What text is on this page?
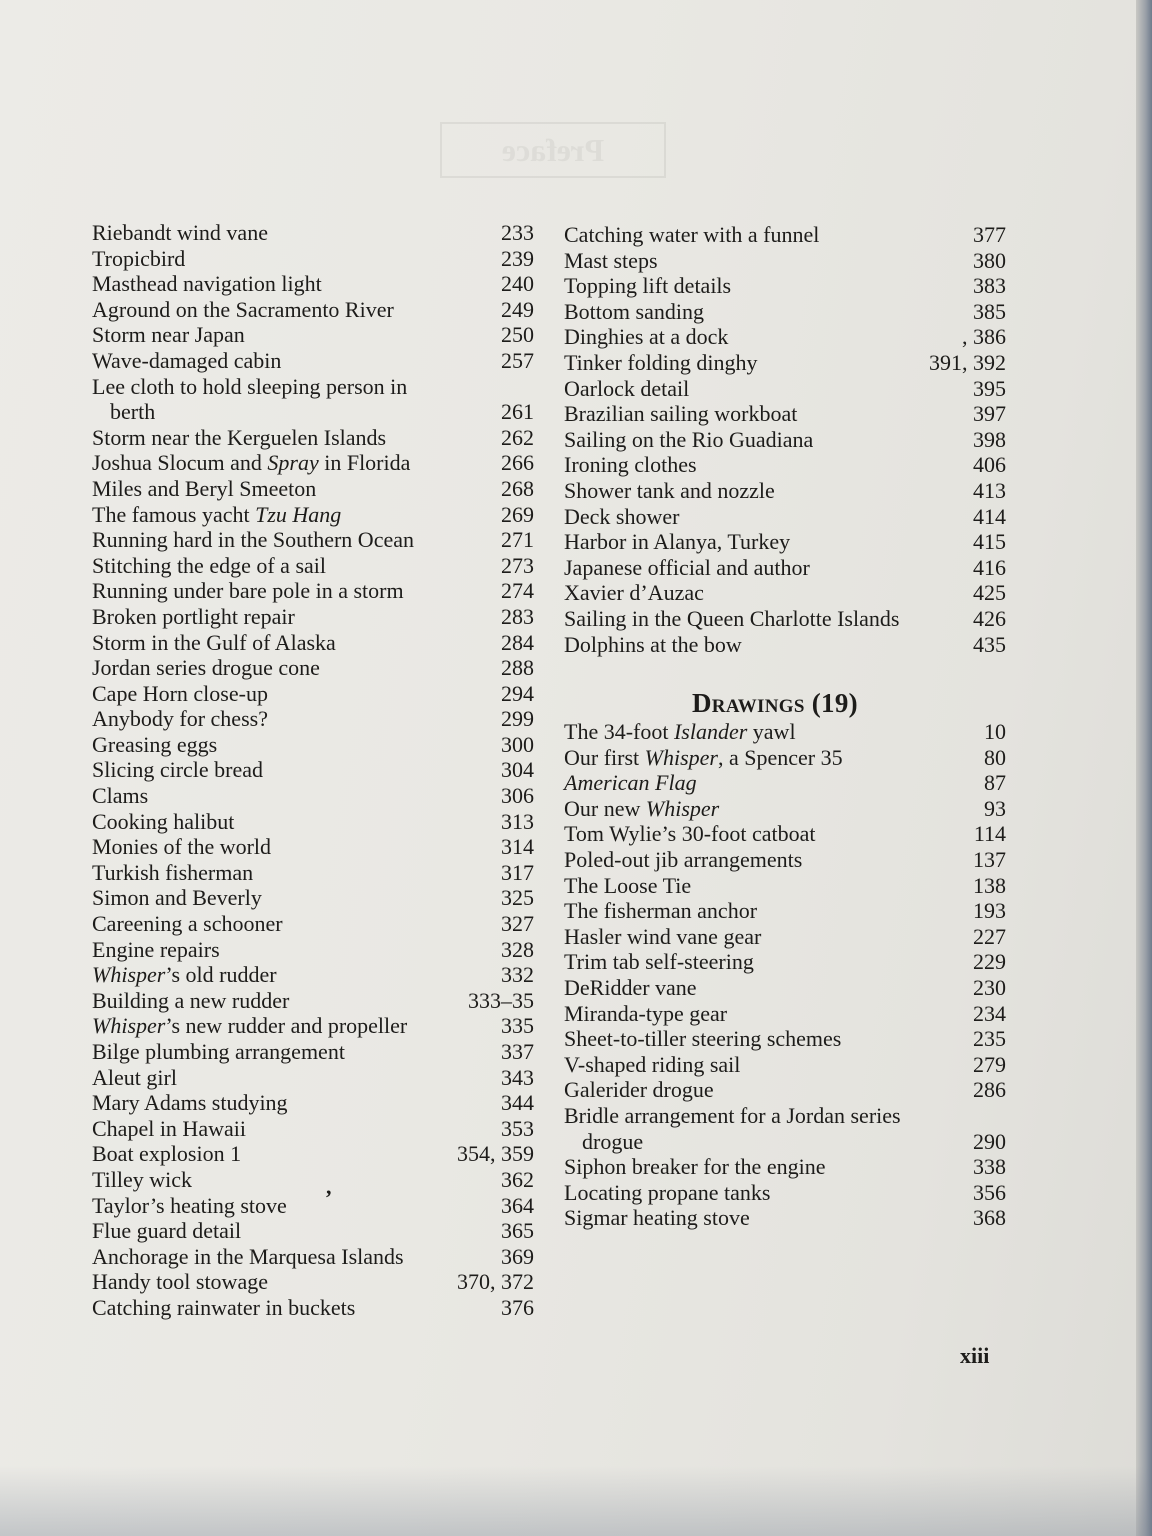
Preface
Riebandt wind vane	233
Tropicbird	239
Masthead navigation light	240
Aground on the Sacramento River	249
Storm near Japan	250
Wave-damaged cabin	257
Lee cloth to hold sleeping person in
berth	261
Storm near the Kerguelen Islands	262
Joshua Slocum and Spray in Florida	266
Miles and Beryl Smeeton	268
The famous yacht Tzu Hang	269
Running hard in the Southern Ocean	271
Stitching the edge of a sail	273
Running under bare pole in a storm	274
Broken portlight repair	283
Storm in the Gulf of Alaska	284
Jordan series drogue cone	288
Cape Horn close-up	294
Anybody for chess?	299
Greasing eggs	300
Slicing circle bread	304
Clams	306
Cooking halibut	313
Monies of the world	314
Turkish fisherman	317
Simon and Beverly	325
Careening a schooner	327
Engine repairs	328
Whisper’s old rudder	332
Building a new rudder	333–35
Whisper’s new rudder and propeller	335
Bilge plumbing arrangement	337
Aleut girl	343
Mary Adams studying	344
Chapel in Hawaii	353
Boat explosion 1	354, 359
Tilley wick	362
Taylor’s heating stove	364
Flue guard detail	365
Anchorage in the Marquesa Islands	369
Handy tool stowage	370, 372
Catching rainwater in buckets	376
Catching water with a funnel	377
Mast steps	380
Topping lift details	383
Bottom sanding	385
Dinghies at a dock	, 386
Tinker folding dinghy	391, 392
Oarlock detail	395
Brazilian sailing workboat	397
Sailing on the Rio Guadiana	398
Ironing clothes	406
Shower tank and nozzle	413
Deck shower	414
Harbor in Alanya, Turkey	415
Japanese official and author	416
Xavier d’Auzac	425
Sailing in the Queen Charlotte Islands	426
Dolphins at the bow	435
Drawings (19)
The 34-foot Islander yawl	10
Our first Whisper, a Spencer 35	80
American Flag	87
Our new Whisper	93
Tom Wylie’s 30-foot catboat	114
Poled-out jib arrangements	137
The Loose Tie	138
The fisherman anchor	193
Hasler wind vane gear	227
Trim tab self-steering	229
DeRidder vane	230
Miranda-type gear	234
Sheet-to-tiller steering schemes	235
V-shaped riding sail	279
Galerider drogue	286
Bridle arrangement for a Jordan series
drogue	290
Siphon breaker for the engine	338
Locating propane tanks	356
Sigmar heating stove	368
,
xiii
